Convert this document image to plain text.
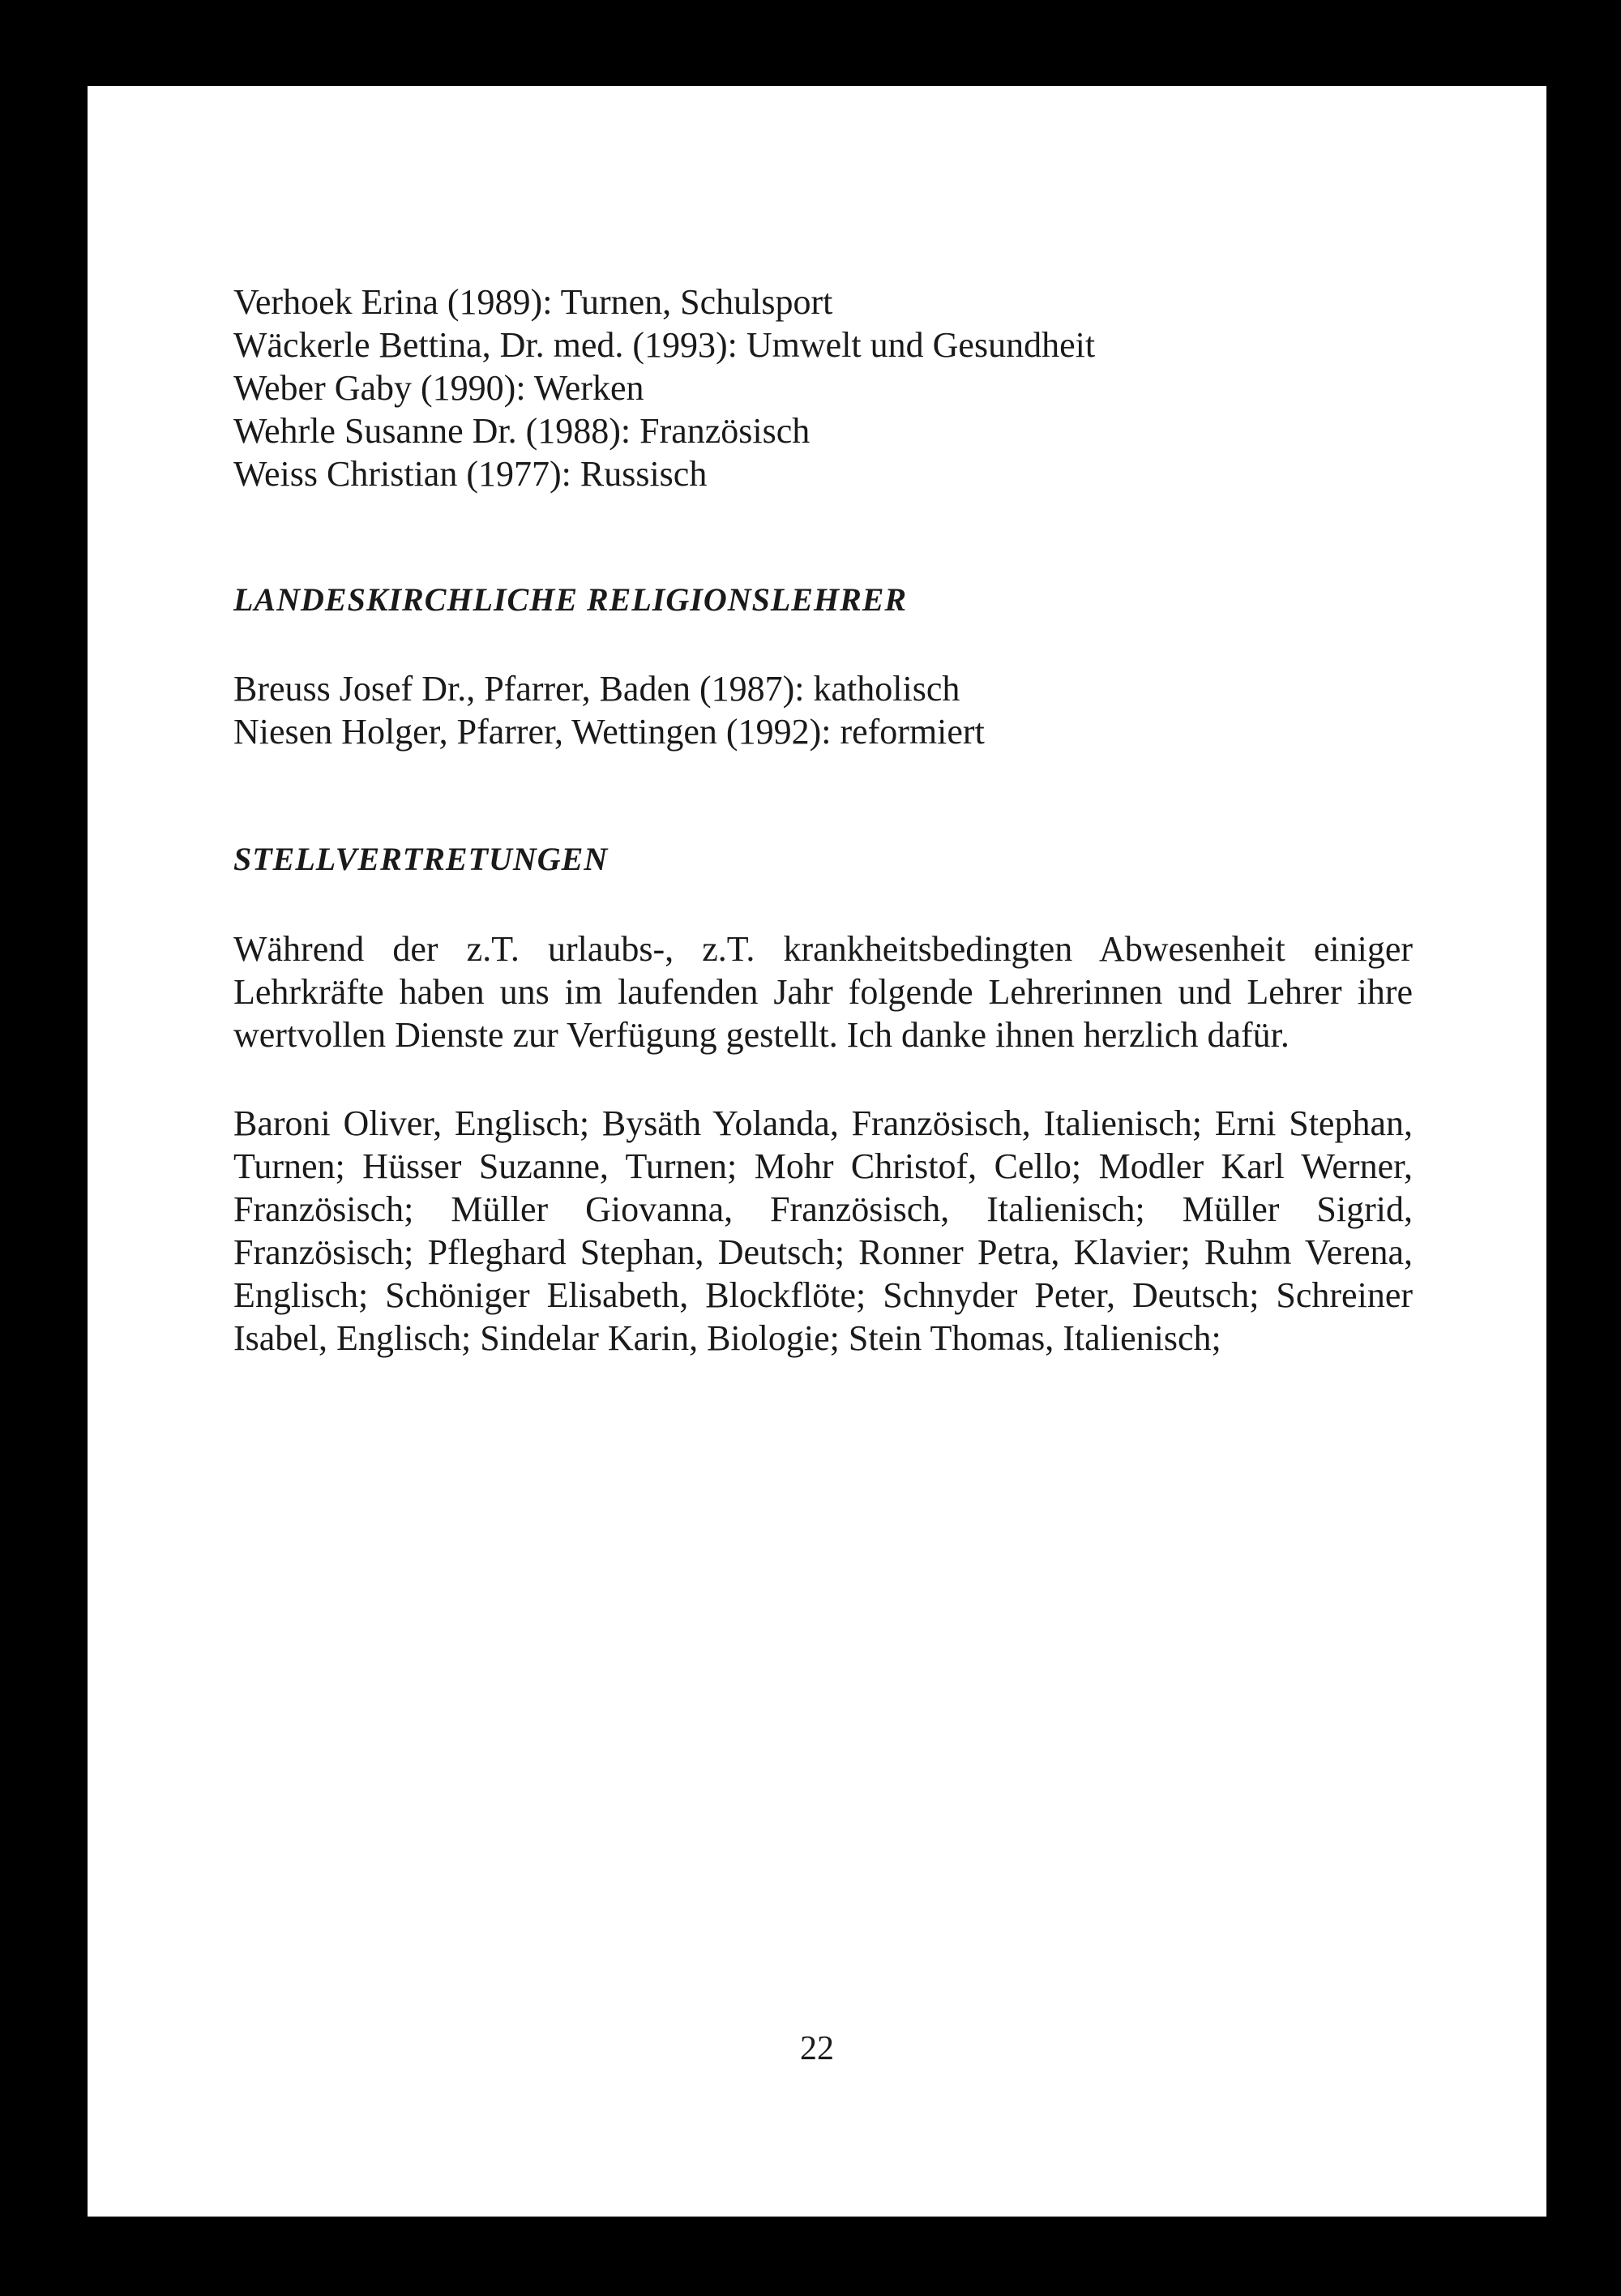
Verhoek Erina (1989): Turnen, Schulsport
Wäckerle Bettina, Dr. med. (1993): Umwelt und Gesundheit
Weber Gaby (1990): Werken
Wehrle Susanne Dr. (1988): Französisch
Weiss Christian (1977): Russisch
LANDESKIRCHLICHE RELIGIONSLEHRER
Breuss Josef Dr., Pfarrer, Baden (1987): katholisch
Niesen Holger, Pfarrer, Wettingen (1992): reformiert
STELLVERTRETUNGEN

Während der z.T. urlaubs-, z.T. krankheitsbedingten Abwesenheit einiger Lehrkräfte haben uns im laufenden Jahr folgende Lehrerinnen und Lehrer ihre wertvollen Dienste zur Verfügung gestellt. Ich danke ihnen herzlich dafür.

Baroni Oliver, Englisch; Bysäth Yolanda, Französisch, Italienisch; Erni Stephan, Turnen; Hüsser Suzanne, Turnen; Mohr Christof, Cello; Modler Karl Werner, Französisch; Müller Giovanna, Französisch, Italienisch; Müller Sigrid, Französisch; Pfleghard Stephan, Deutsch; Ronner Petra, Klavier; Ruhm Verena, Englisch; Schöniger Elisabeth, Blockflöte; Schnyder Peter, Deutsch; Schreiner Isabel, Englisch; Sindelar Karin, Biologie; Stein Thomas, Italienisch;

22
